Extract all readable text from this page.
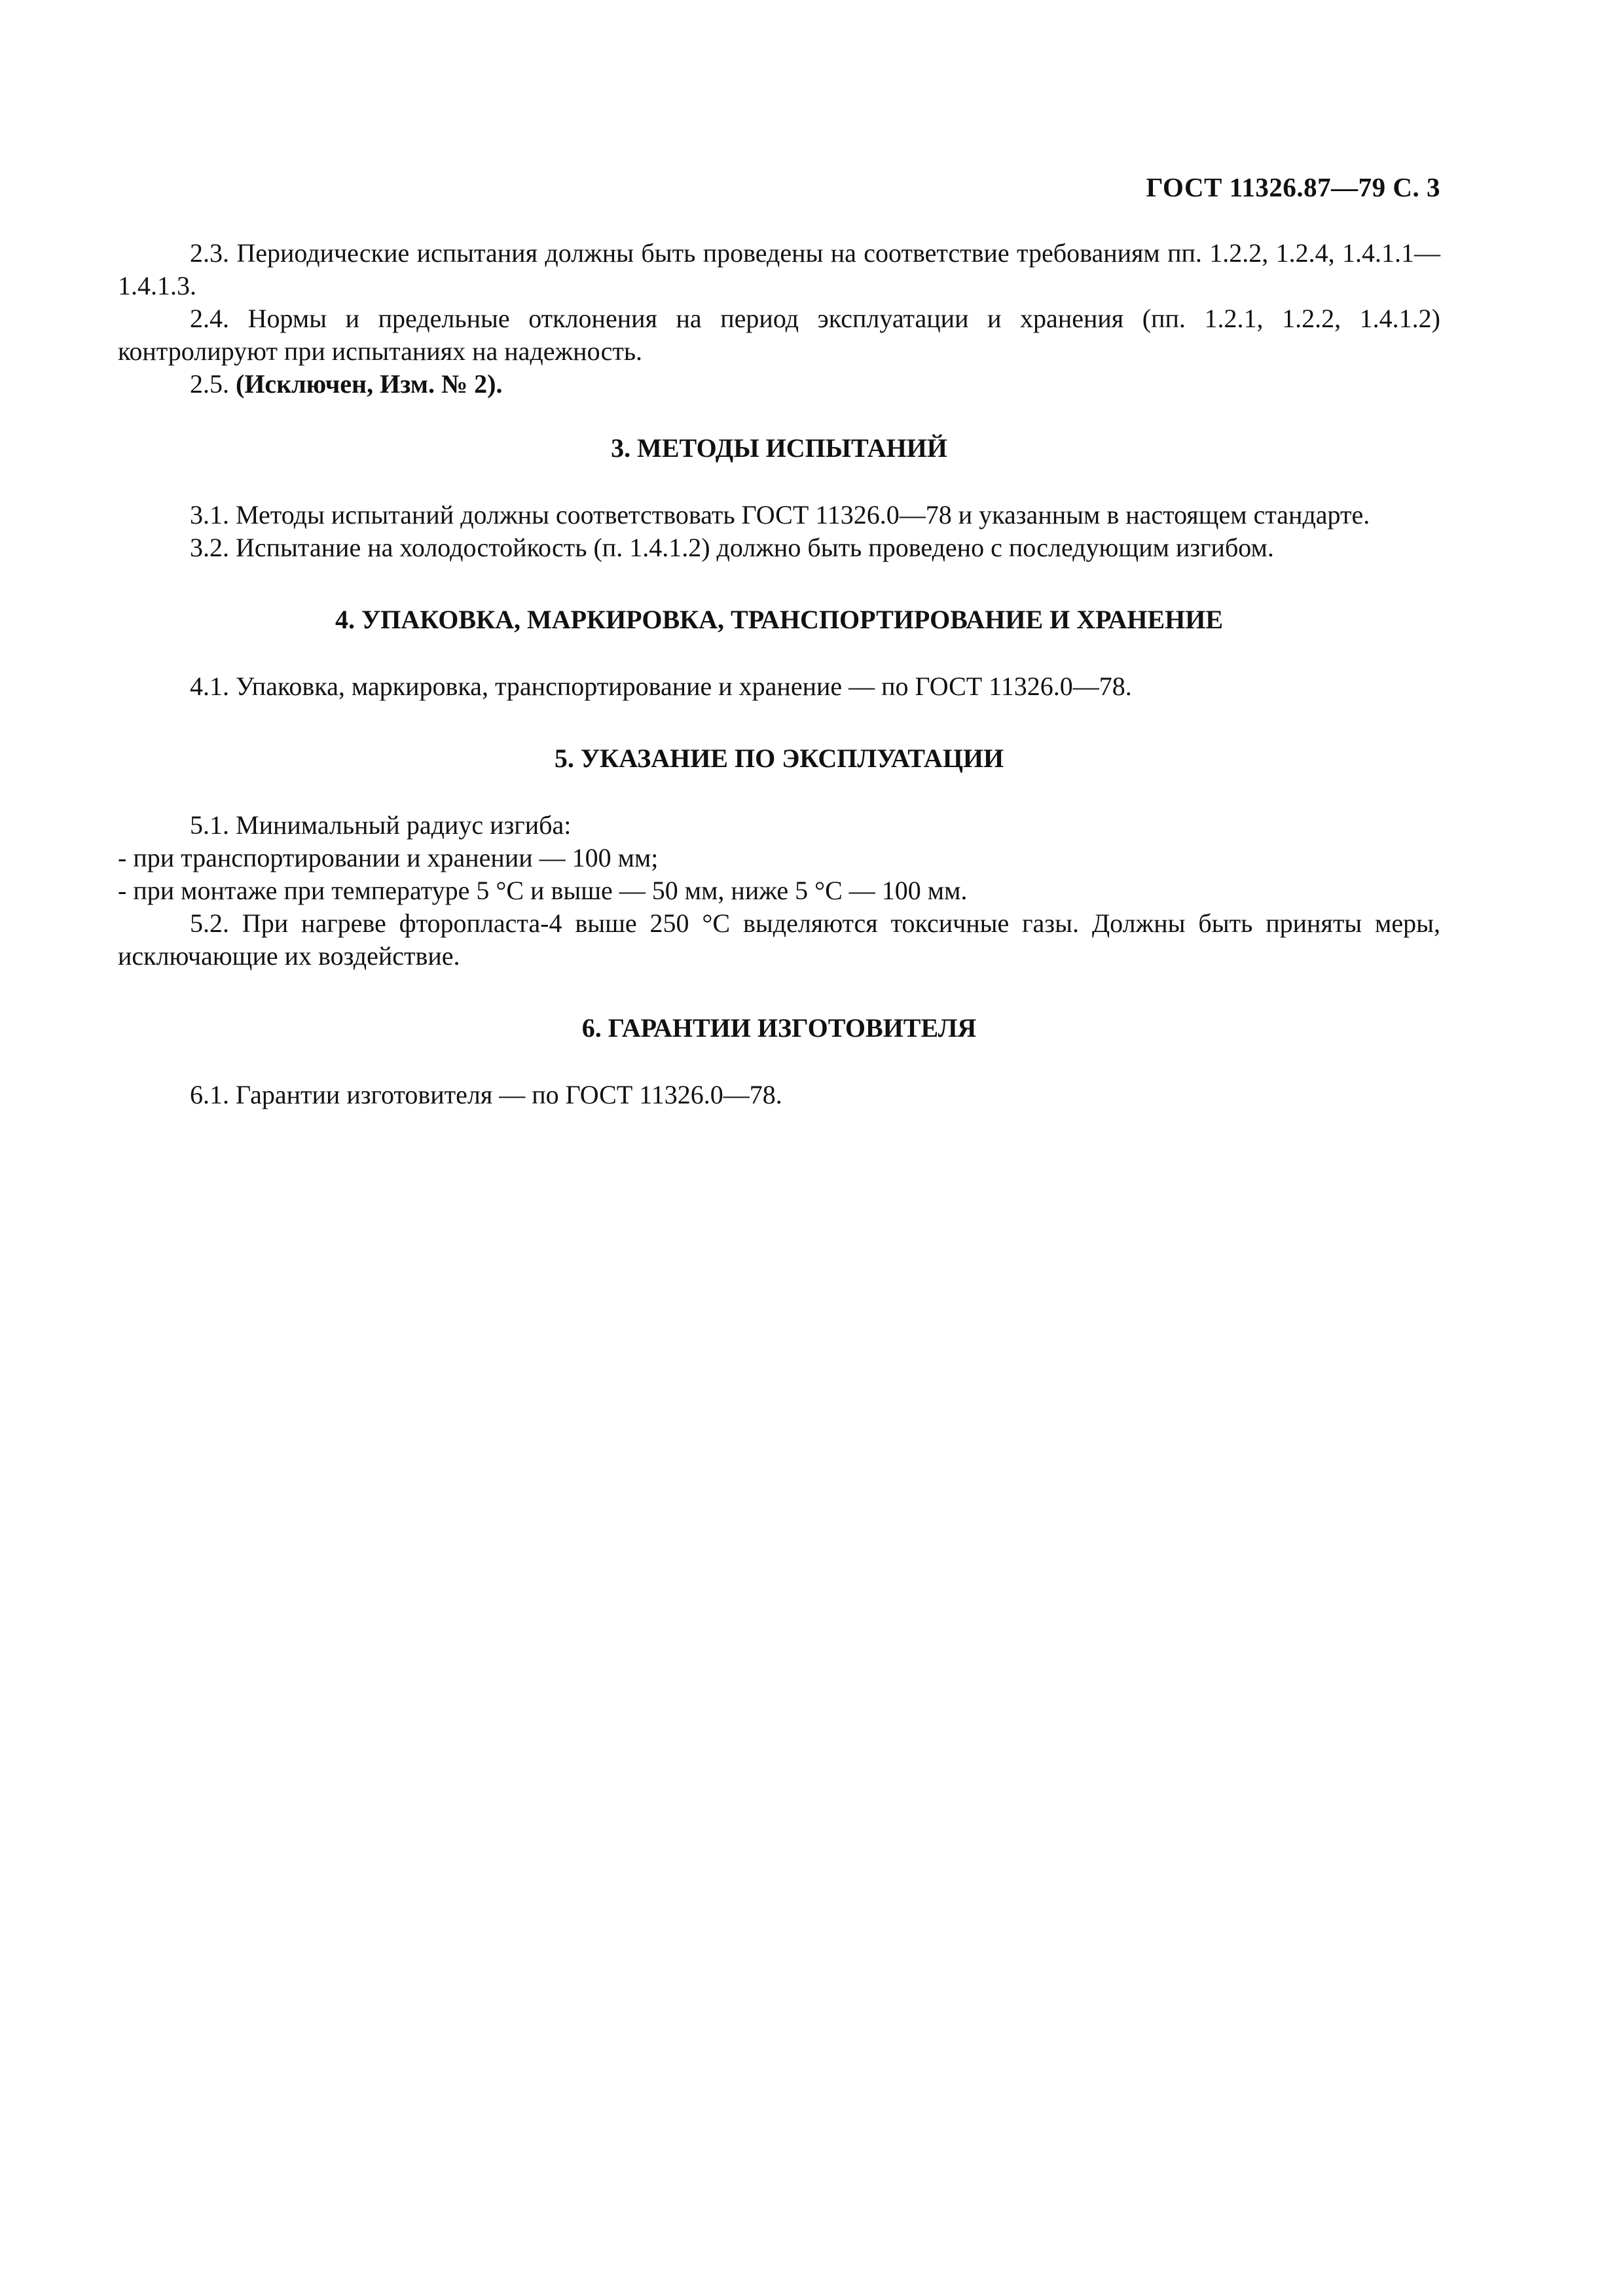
ГОСТ 11326.87—79 С. 3

2.3. Периодические испытания должны быть проведены на соответствие требованиям пп. 1.2.2, 1.2.4, 1.4.1.1—1.4.1.3.

2.4. Нормы и предельные отклонения на период эксплуатации и хранения (пп. 1.2.1, 1.2.2, 1.4.1.2) контролируют при испытаниях на надежность.

2.5. (Исключен, Изм. № 2).

3. МЕТОДЫ ИСПЫТАНИЙ

3.1. Методы испытаний должны соответствовать ГОСТ 11326.0—78 и указанным в настоящем стандарте.

3.2. Испытание на холодостойкость (п. 1.4.1.2) должно быть проведено с последующим изгибом.

4. УПАКОВКА, МАРКИРОВКА, ТРАНСПОРТИРОВАНИЕ И ХРАНЕНИЕ

4.1. Упаковка, маркировка, транспортирование и хранение — по ГОСТ 11326.0—78.

5. УКАЗАНИЕ ПО ЭКСПЛУАТАЦИИ

5.1. Минимальный радиус изгиба:

- при транспортировании и хранении — 100 мм;

- при монтаже при температуре 5 °С и выше — 50 мм, ниже 5 °С — 100 мм.

5.2. При нагреве фторопласта-4 выше 250 °С выделяются токсичные газы. Должны быть приняты меры, исключающие их воздействие.

6. ГАРАНТИИ ИЗГОТОВИТЕЛЯ

6.1. Гарантии изготовителя — по ГОСТ 11326.0—78.
